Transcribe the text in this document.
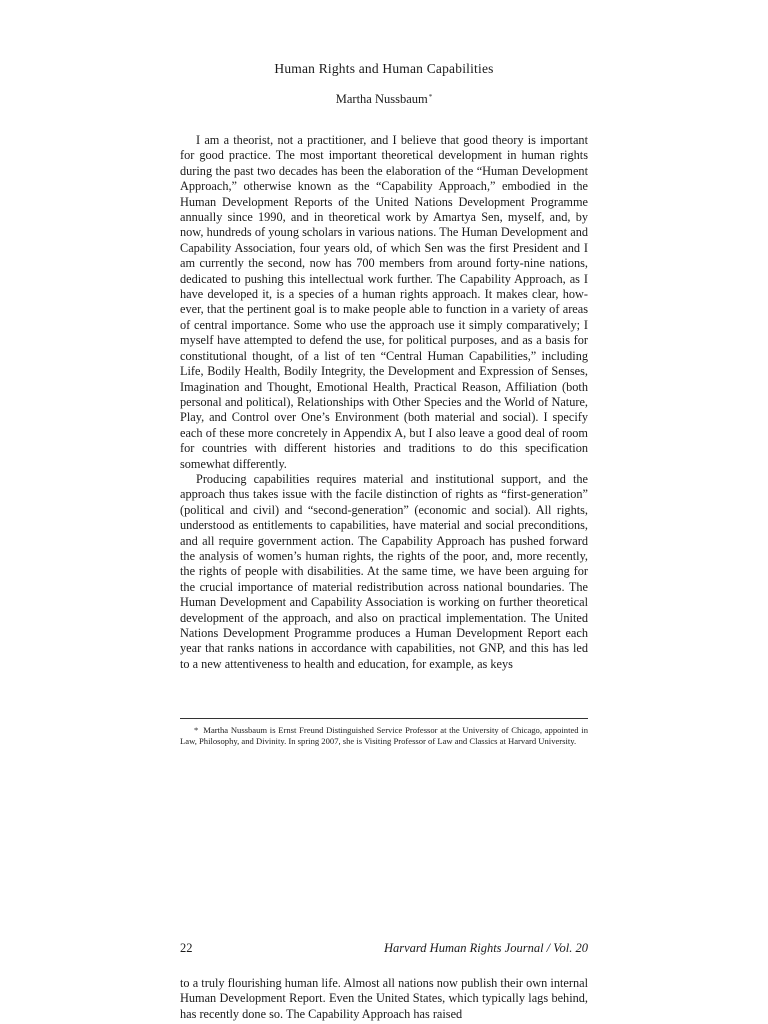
Human Rights and Human Capabilities
Martha Nussbaum*

I am a theorist, not a practitioner, and I believe that good theory is important for good practice. The most important theoretical development in human rights during the past two decades has been the elaboration of the “Human Development Approach,” otherwise known as the “Capability Approach,” embodied in the Human Development Reports of the United Nations Development Programme annually since 1990, and in theoretical work by Amartya Sen, myself, and, by now, hundreds of young scholars in various nations. The Human Development and Capability Association, four years old, of which Sen was the first President and I am currently the second, now has 700 members from around forty-nine nations, dedicated to pushing this intellectual work further. The Capability Approach, as I have developed it, is a species of a human rights approach. It makes clear, however, that the pertinent goal is to make people able to function in a variety of areas of central importance. Some who use the approach use it simply comparatively; I myself have attempted to defend the use, for political purposes, and as a basis for constitutional thought, of a list of ten “Central Human Capabilities,” including Life, Bodily Health, Bodily Integrity, the Development and Expression of Senses, Imagination and Thought, Emotional Health, Practical Reason, Affiliation (both personal and political), Relationships with Other Species and the World of Nature, Play, and Control over One’s Environment (both material and social). I specify each of these more concretely in Appendix A, but I also leave a good deal of room for countries with different histories and traditions to do this specification somewhat differently.

Producing capabilities requires material and institutional support, and the approach thus takes issue with the facile distinction of rights as “first-generation” (political and civil) and “second-generation” (economic and social). All rights, understood as entitlements to capabilities, have material and social preconditions, and all require government action. The Capability Approach has pushed forward the analysis of women’s human rights, the rights of the poor, and, more recently, the rights of people with disabilities. At the same time, we have been arguing for the crucial importance of material redistribution across national boundaries. The Human Development and Capability Association is working on further theoretical development of the approach, and also on practical implementation. The United Nations Development Programme produces a Human Development Report each year that ranks nations in accordance with capabilities, not GNP, and this has led to a new attentiveness to health and education, for example, as keys

* Martha Nussbaum is Ernst Freund Distinguished Service Professor at the University of Chicago, appointed in Law, Philosophy, and Divinity. In spring 2007, she is Visiting Professor of Law and Classics at Harvard University.
22	Harvard Human Rights Journal / Vol. 20

to a truly flourishing human life. Almost all nations now publish their own internal Human Development Report. Even the United States, which typically lags behind, has recently done so. The Capability Approach has raised
